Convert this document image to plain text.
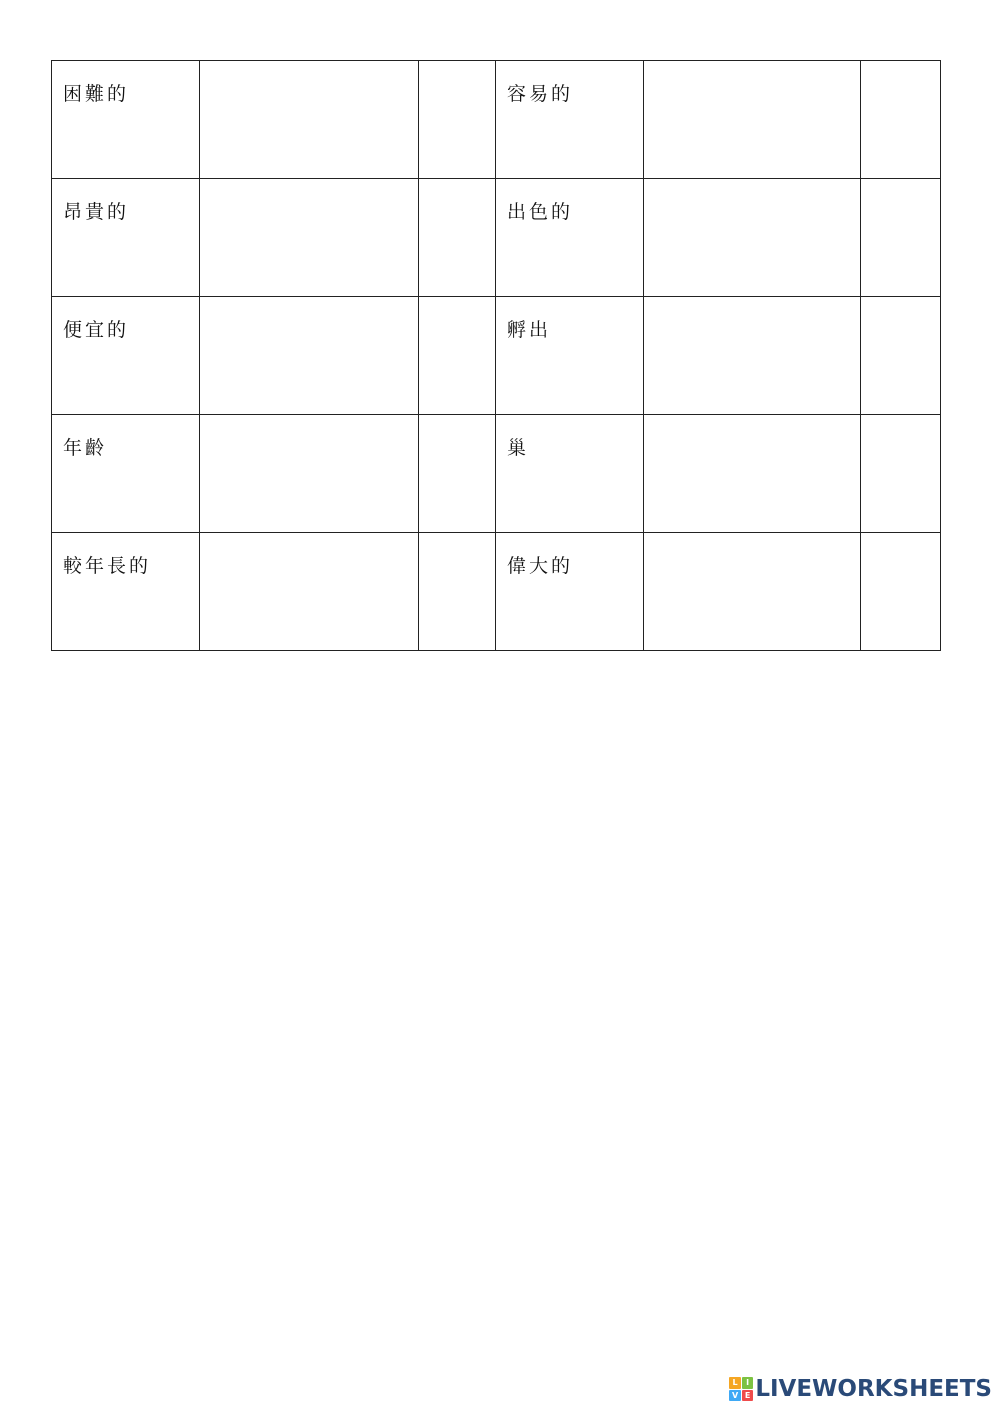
困難的			容易的		

昂貴的			出色的		

便宜的			孵出		

年齡			巢		

較年長的			偉大的		

L	I
V E LIVEWORKSHEETS
